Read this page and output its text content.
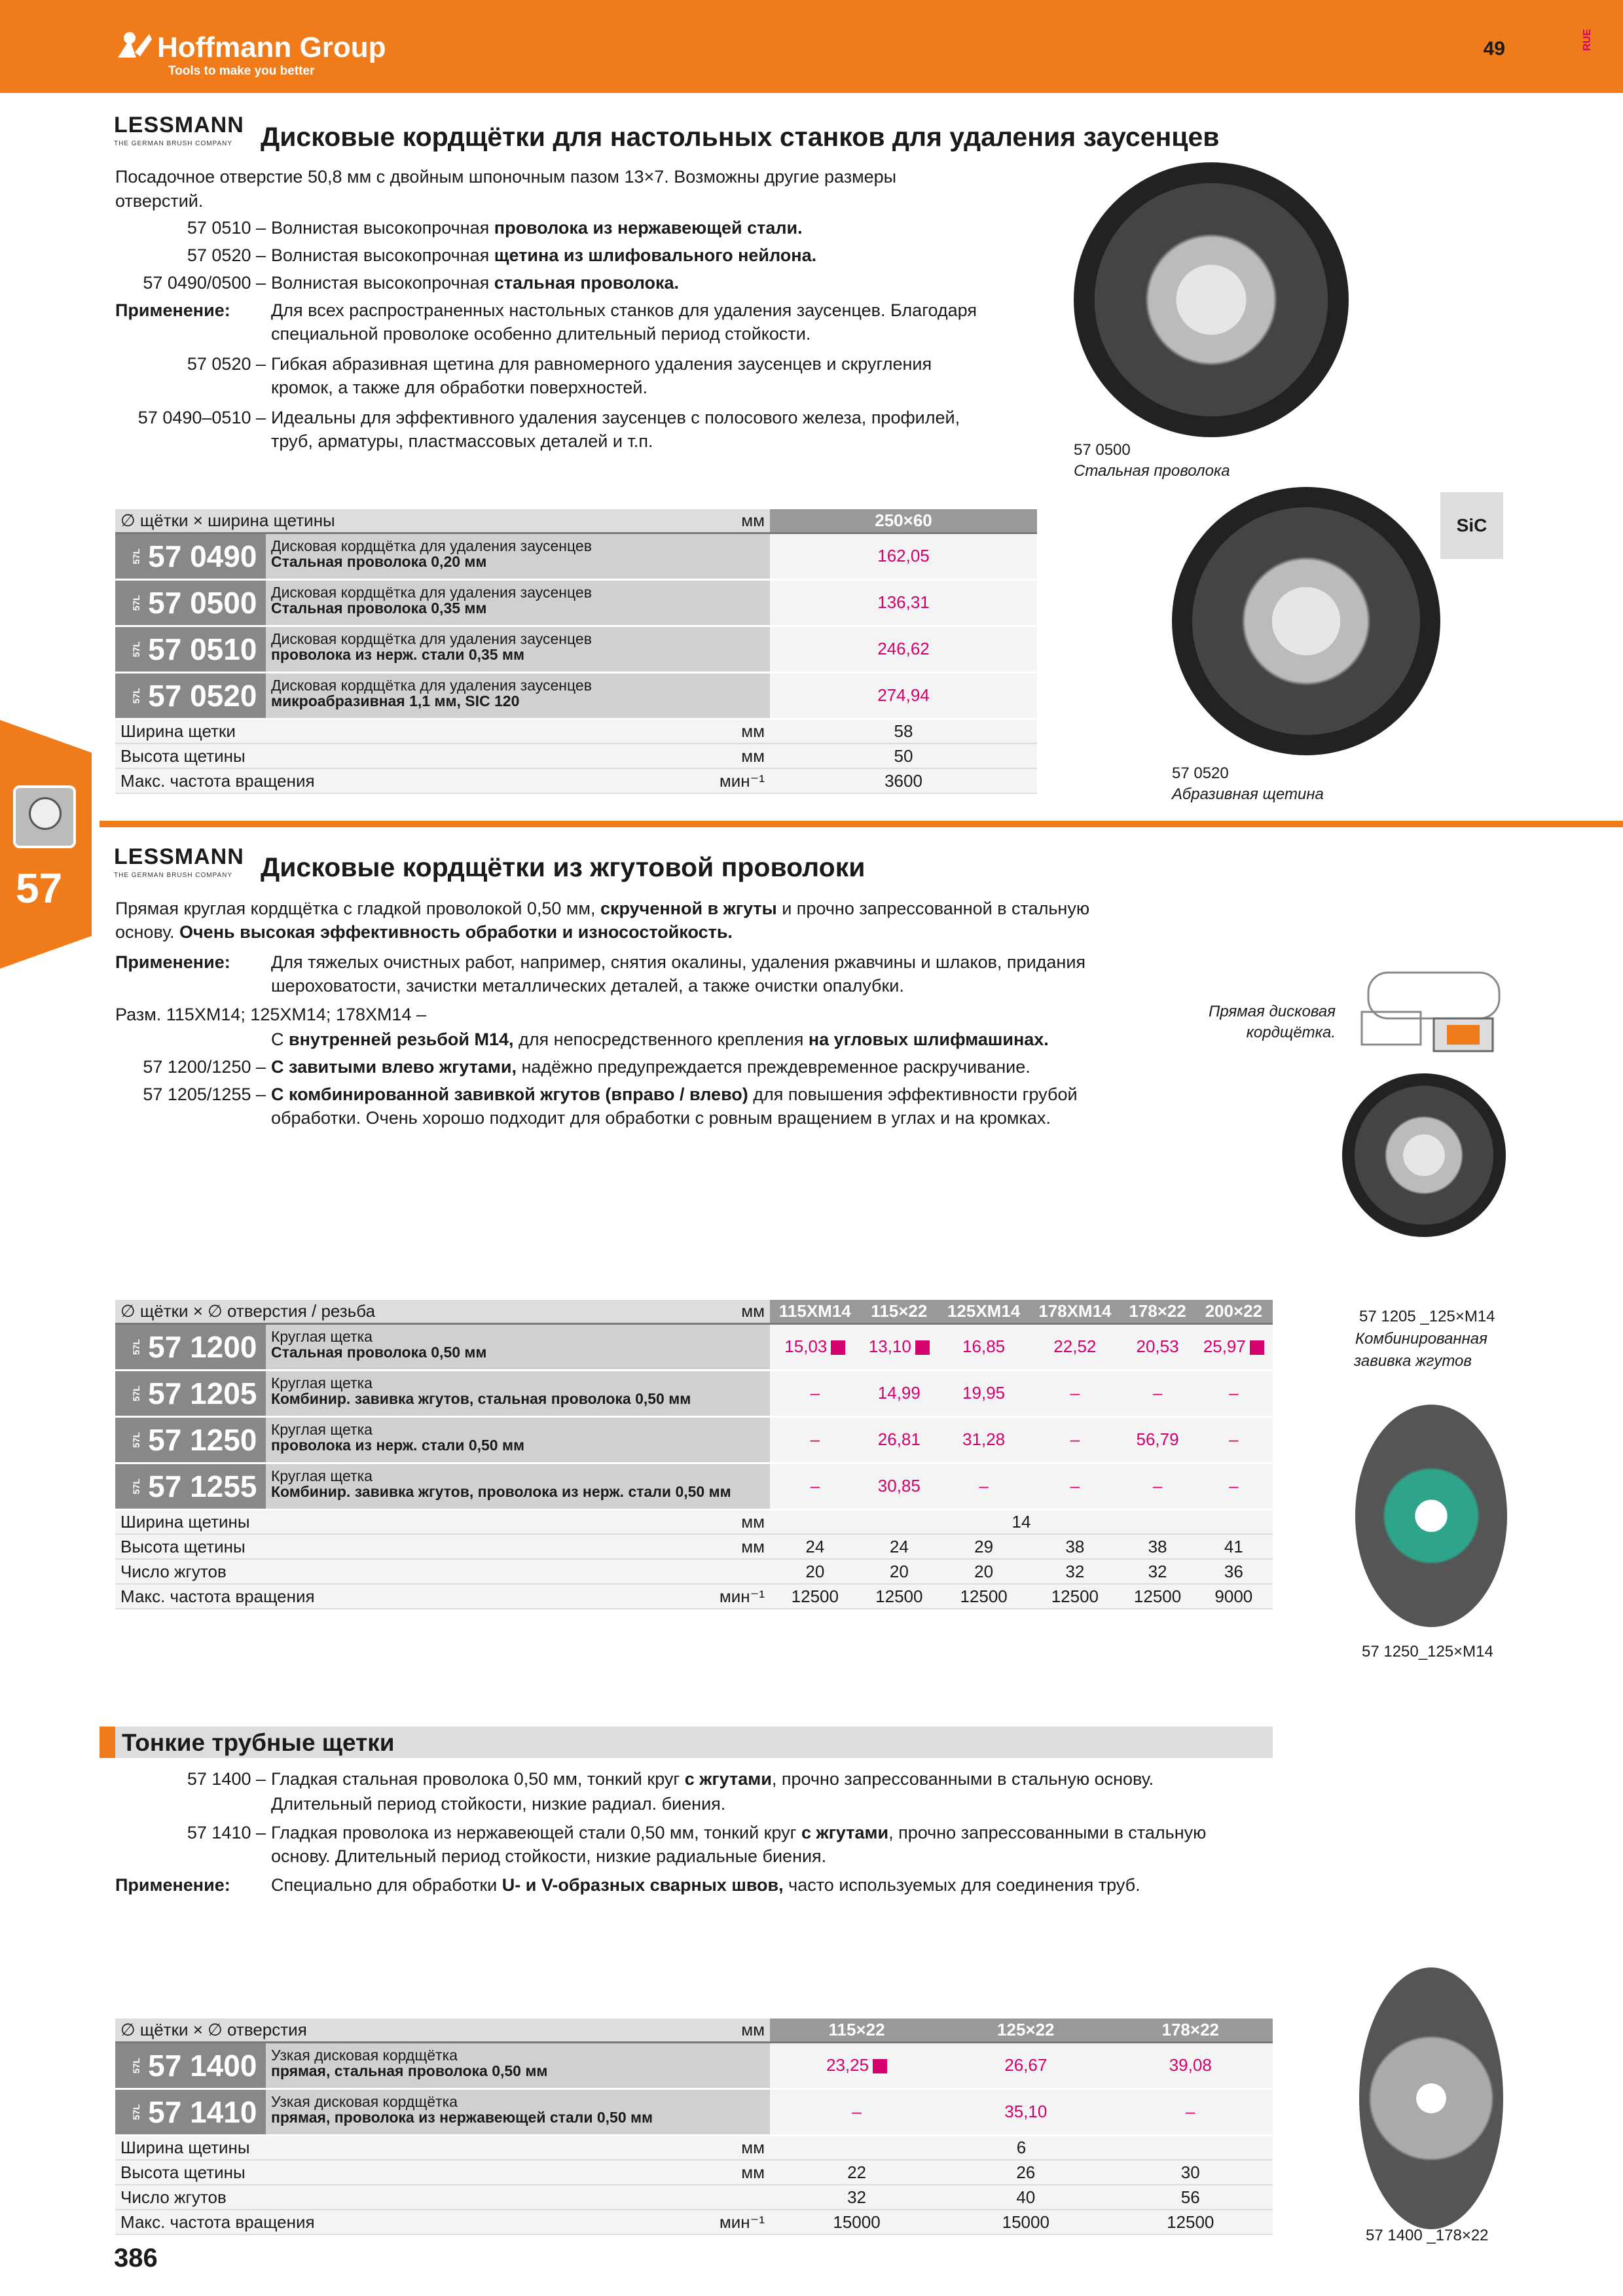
Hoffmann Group
Tools to make you better
49	RUE
57
LESSMANN
THE GERMAN BRUSH COMPANY Дисковые кордщётки для настольных станков для удаления заусенцев
Посадочное отверстие 50,8 мм с двойным шпоночным пазом 13×7. Возможны другие размеры
отверстий.
57 0510 – Волнистая высокопрочная проволока из нержавеющей стали.
57 0520 – Волнистая высокопрочная щетина из шлифовального нейлона.
57 0490/0500 – Волнистая высокопрочная стальная проволока.
Применение: Для всех распространенных настольных станков для удаления заусенцев. Благодаря
специальной проволоке особенно длительный период стойкости.
57 0520 – Гибкая абразивная щетина для равномерного удаления заусенцев и скругления
кромок, а также для обработки поверхностей.
57 0490–0510 – Идеальны для эффективного удаления заусенцев с полосового железа, профилей,
труб, арматуры, пластмассовых деталей и т.п.	57 0500
Стальная проволока
SiC
57 0520
Абразивная щетина
∅ щётки × ширина щетины	мм	250×60

57L 57 0490 Дисковая кордщётка для удаления заусенцев
Стальная проволока 0,20 мм		162,05

57L 57 0500 Дисковая кордщётка для удаления заусенцев
Стальная проволока 0,35 мм		136,31

57L 57 0510 Дисковая кордщётка для удаления заусенцев
проволока из нерж. стали 0,35 мм		246,62

57L 57 0520 Дисковая кордщётка для удаления заусенцев
микроабразивная 1,1 мм, SIC 120		274,94
Ширина щетки	мм	58
Высота щетины	мм	50
Макс. частота вращения	мин⁻¹	3600
LESSMANN
THE GERMAN BRUSH COMPANY Дисковые кордщётки из жгутовой проволоки
Прямая круглая кордщётка с гладкой проволокой 0,50 мм, скрученной в жгуты и прочно запрессованной в стальную
основу. Очень высокая эффективность обработки и износостойкость.
Применение: Для тяжелых очистных работ, например, снятия окалины, удаления ржавчины и шлаков, придания
шероховатости, зачистки металлических деталей, а также очистки опалубки.
Разм. 115XM14; 125XM14; 178XM14 –
С внутренней резьбой М14, для непосредственного крепления на угловых шлифмашинах.
57 1200/1250 – С завитыми влево жгутами, надёжно предупреждается преждевременное раскручивание.
57 1205/1255 – С комбинированной завивкой жгутов (вправо / влево) для повышения эффективности грубой
обработки. Очень хорошо подходит для обработки с ровным вращением в углах и на кромках.
Прямая дисковая
кордщётка.
57 1205 _125×M14
Комбинированная
завивка жгутов
57 1250_125×M14
∅ щётки × ∅ отверстия / резьба	мм	115XM14	115×22	125XM14	178XM14	178×22	200×22

57L 57 1200 Круглая щетка
Стальная проволока 0,50 мм		15,03	13,10	16,85	22,52	20,53	25,97

57L 57 1205 Круглая щетка
Комбинир. завивка жгутов, стальная проволока 0,50 мм		–	14,99	19,95	–	–	–

57L 57 1250 Круглая щетка
проволока из нерж. стали 0,50 мм		–	26,81	31,28	–	56,79	–

57L 57 1255 Круглая щетка
Комбинир. завивка жгутов, проволока из нерж. стали 0,50 мм		–	30,85	–	–	–	–
Ширина щетины	мм	14					
Высота щетины	мм	24	24	29	38	38	41
Число жгутов		20	20	20	32	32	36
Макс. частота вращения	мин⁻¹	12500	12500	12500	12500	12500	9000
Тонкие трубные щетки
57 1400 – Гладкая стальная проволока 0,50 мм, тонкий круг с жгутами, прочно запрессованными в стальную основу.
Длительный период стойкости, низкие радиал. биения.
57 1410 – Гладкая проволока из нержавеющей стали 0,50 мм, тонкий круг с жгутами, прочно запрессованными в стальную
основу. Длительный период стойкости, низкие радиальные биения.
Применение: Специально для обработки U- и V-образных сварных швов, часто используемых для соединения труб.
57 1400 _178×22
∅ щётки × ∅ отверстия	мм	115×22	125×22	178×22

57L 57 1400 Узкая дисковая кордщётка
прямая, стальная проволока 0,50 мм		23,25	26,67	39,08

57L 57 1410 Узкая дисковая кордщётка
прямая, проволока из нержавеющей стали 0,50 мм		–	35,10	–
Ширина щетины	мм	6		
Высота щетины	мм	22	26	30
Число жгутов		32	40	56
Макс. частота вращения	мин⁻¹	15000	15000	12500
386
